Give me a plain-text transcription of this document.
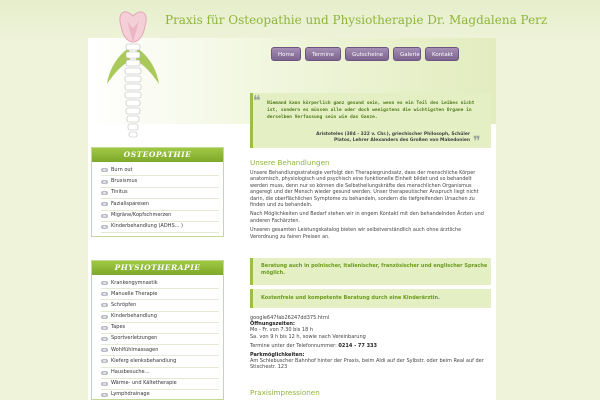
Praxis für Osteopathie und Physiotherapie Dr. Magdalena Perz
Home	Termine	Gutscheine	Galerie	Kontakt
❝ Niemand kann körperlich ganz gesund sein, wenn es ein Teil des Leibes nicht ist, sondern es müssen alle oder doch wenigstens die wichtigsten Organe in derselben Verfassung sein wie das Ganze.
Aristoteles (384 - 322 v. Chr.), griechischer Philosoph, Schüler Platos, Lehrer Alexanders des Großen von Makedonien ❞
OSTEOPATHIE
Burn out
Bruxismus
Tinitus
Fazialisparesen
Migräne/Kopfschmerzen
Kinderbehandlung (ADHS... )
PHYSIOTHERAPIE
Krankengymnastik
Manuelle Therapie
Schröpfen
Kinderbehandlung
Tapes
Sportverletzungen
Wohlfühlmassagen
Kieferg elenksbehandlung
Hausbesuche...
Wärme- und Kältetherapie
Lymphdrainage
Unsere Behandlungen
Unsere Behandlungsstrategie verfolgt den Therapiegrundsatz, dass der menschliche Körper anatomisch, physiologisch und psychisch eine funktionelle Einheit bildet und so behandelt werden muss, denn nur so können die Selbstheilungskräfte des menschlichen Organismus angeregt und der Mensch wieder gesund werden. Unser therapeutischer Anspruch liegt nicht darin, die oberflächlichen Symptome zu behandeln, sondern die tiefgreifenden Ursachen zu finden und zu behandeln.
Nach Möglichkeiten und Bedarf stehen wir in engem Kontakt mit den behandelnden Ärzten und anderen Fachärzten.
Unseren gesamten Leistungskatalog bieten wir selbstverständlich auch ohne ärztliche Verordnung zu fairen Preisen an.
Beratung auch in polnischer, italienischer, französischer und englischer Sprache möglich.
Kostenfreie und kompetente Beratung durch eine Kinderärztin.
google647fab26247dd375.html
Öffnungszeiten:
Mo - Fr. von 7.30 bis 18 h
Sa. von 9 h bis 12 h, sowie nach Vereinbarung
Termine unter der Telefonnummer: 0214 - 77 333
Parkmöglichkeiten:
Am Schlebuscher Bahnhof hinter der Praxis, beim Aldi auf der Sylbstr. oder beim Real auf der Stixchestr. 123
Praxisimpressionen
